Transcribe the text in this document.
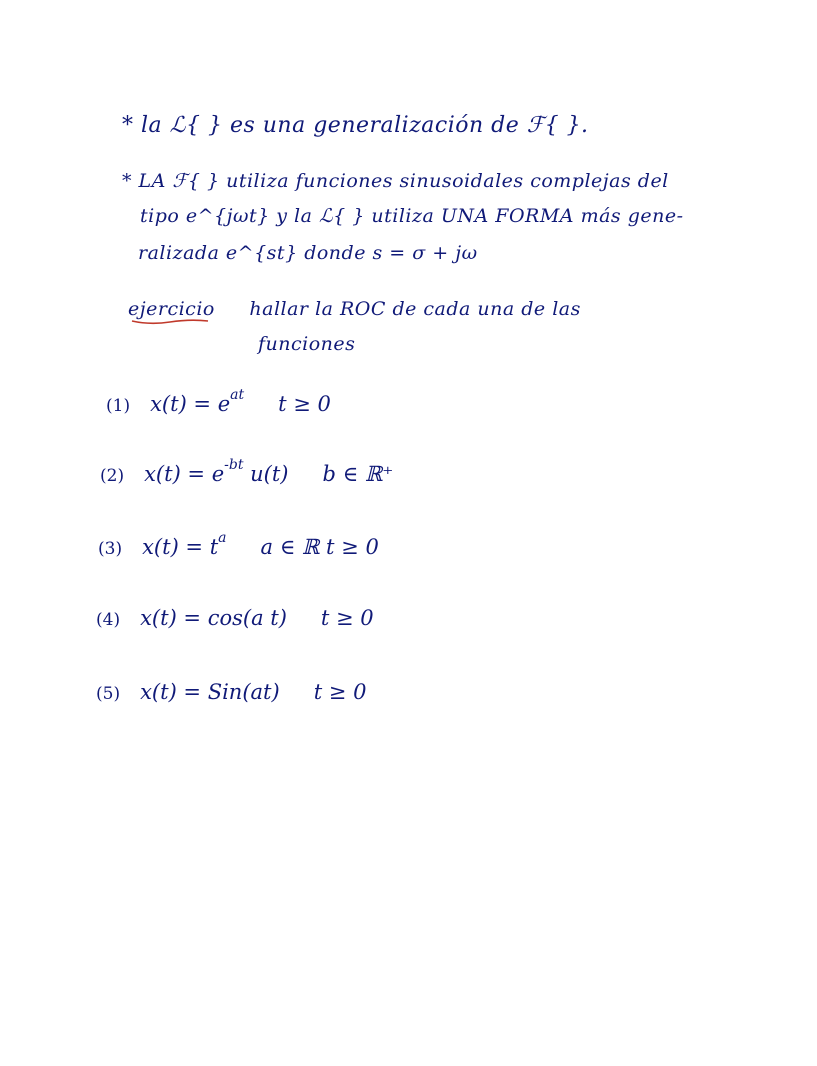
* la ℒ{ } es una generalización de ℱ{ }.
* LA ℱ{ } utiliza funciones sinusoidales complejas del
tipo e^{jωt} y la ℒ{ } utiliza UNA FORMA más gene-
ralizada e^{st} donde s = σ + jω
ejercicio hallar la ROC de cada una de las
funciones
(1) $x(t) = e^{at}$ t ≥ 0
(2) $x(t) = e^{-bt}$ u(t) b ∈ ℝ⁺
(3) $x(t) = t^a$ a ∈ ℝ t ≥ 0
(4) x(t) = cos(a t) t ≥ 0
(5) x(t) = Sin(at) t ≥ 0
